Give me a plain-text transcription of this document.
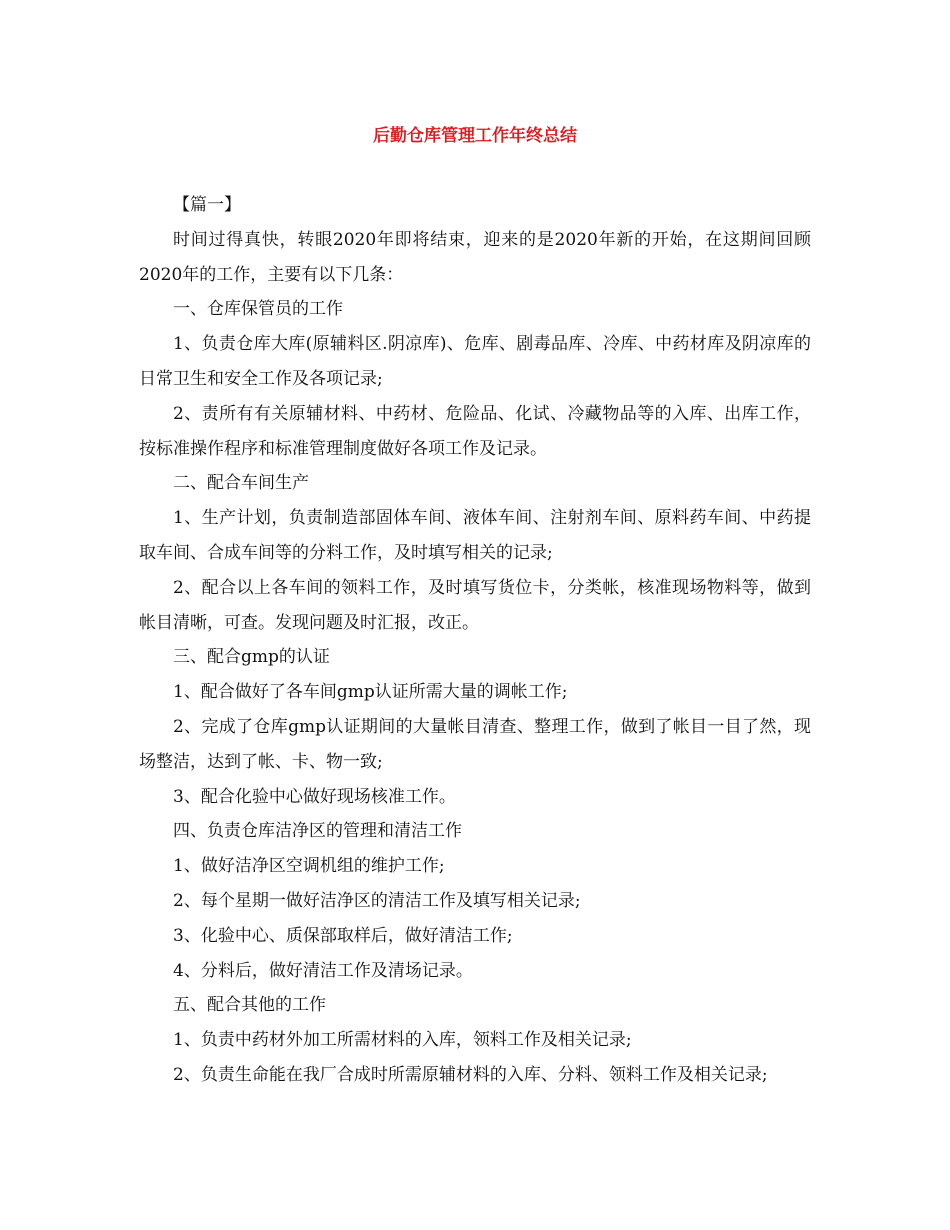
后勤仓库管理工作年终总结

【篇一】

时间过得真快，转眼2020年即将结束，迎来的是2020年新的开始，在这期间回顾2020年的工作，主要有以下几条：

一、仓库保管员的工作

1、负责仓库大库(原辅料区.阴凉库)、危库、剧毒品库、冷库、中药材库及阴凉库的日常卫生和安全工作及各项记录;

2、责所有有关原辅材料、中药材、危险品、化试、冷藏物品等的入库、出库工作，按标准操作程序和标准管理制度做好各项工作及记录。

二、配合车间生产

1、生产计划，负责制造部固体车间、液体车间、注射剂车间、原料药车间、中药提取车间、合成车间等的分料工作，及时填写相关的记录;

2、配合以上各车间的领料工作，及时填写货位卡，分类帐，核准现场物料等，做到帐目清晰，可查。发现问题及时汇报，改正。

三、配合gmp的认证

1、配合做好了各车间gmp认证所需大量的调帐工作;

2、完成了仓库gmp认证期间的大量帐目清查、整理工作，做到了帐目一目了然，现场整洁，达到了帐、卡、物一致;

3、配合化验中心做好现场核准工作。

四、负责仓库洁净区的管理和清洁工作

1、做好洁净区空调机组的维护工作;

2、每个星期一做好洁净区的清洁工作及填写相关记录;

3、化验中心、质保部取样后，做好清洁工作;

4、分料后，做好清洁工作及清场记录。

五、配合其他的工作

1、负责中药材外加工所需材料的入库，领料工作及相关记录;

2、负责生命能在我厂合成时所需原辅材料的入库、分料、领料工作及相关记录;
